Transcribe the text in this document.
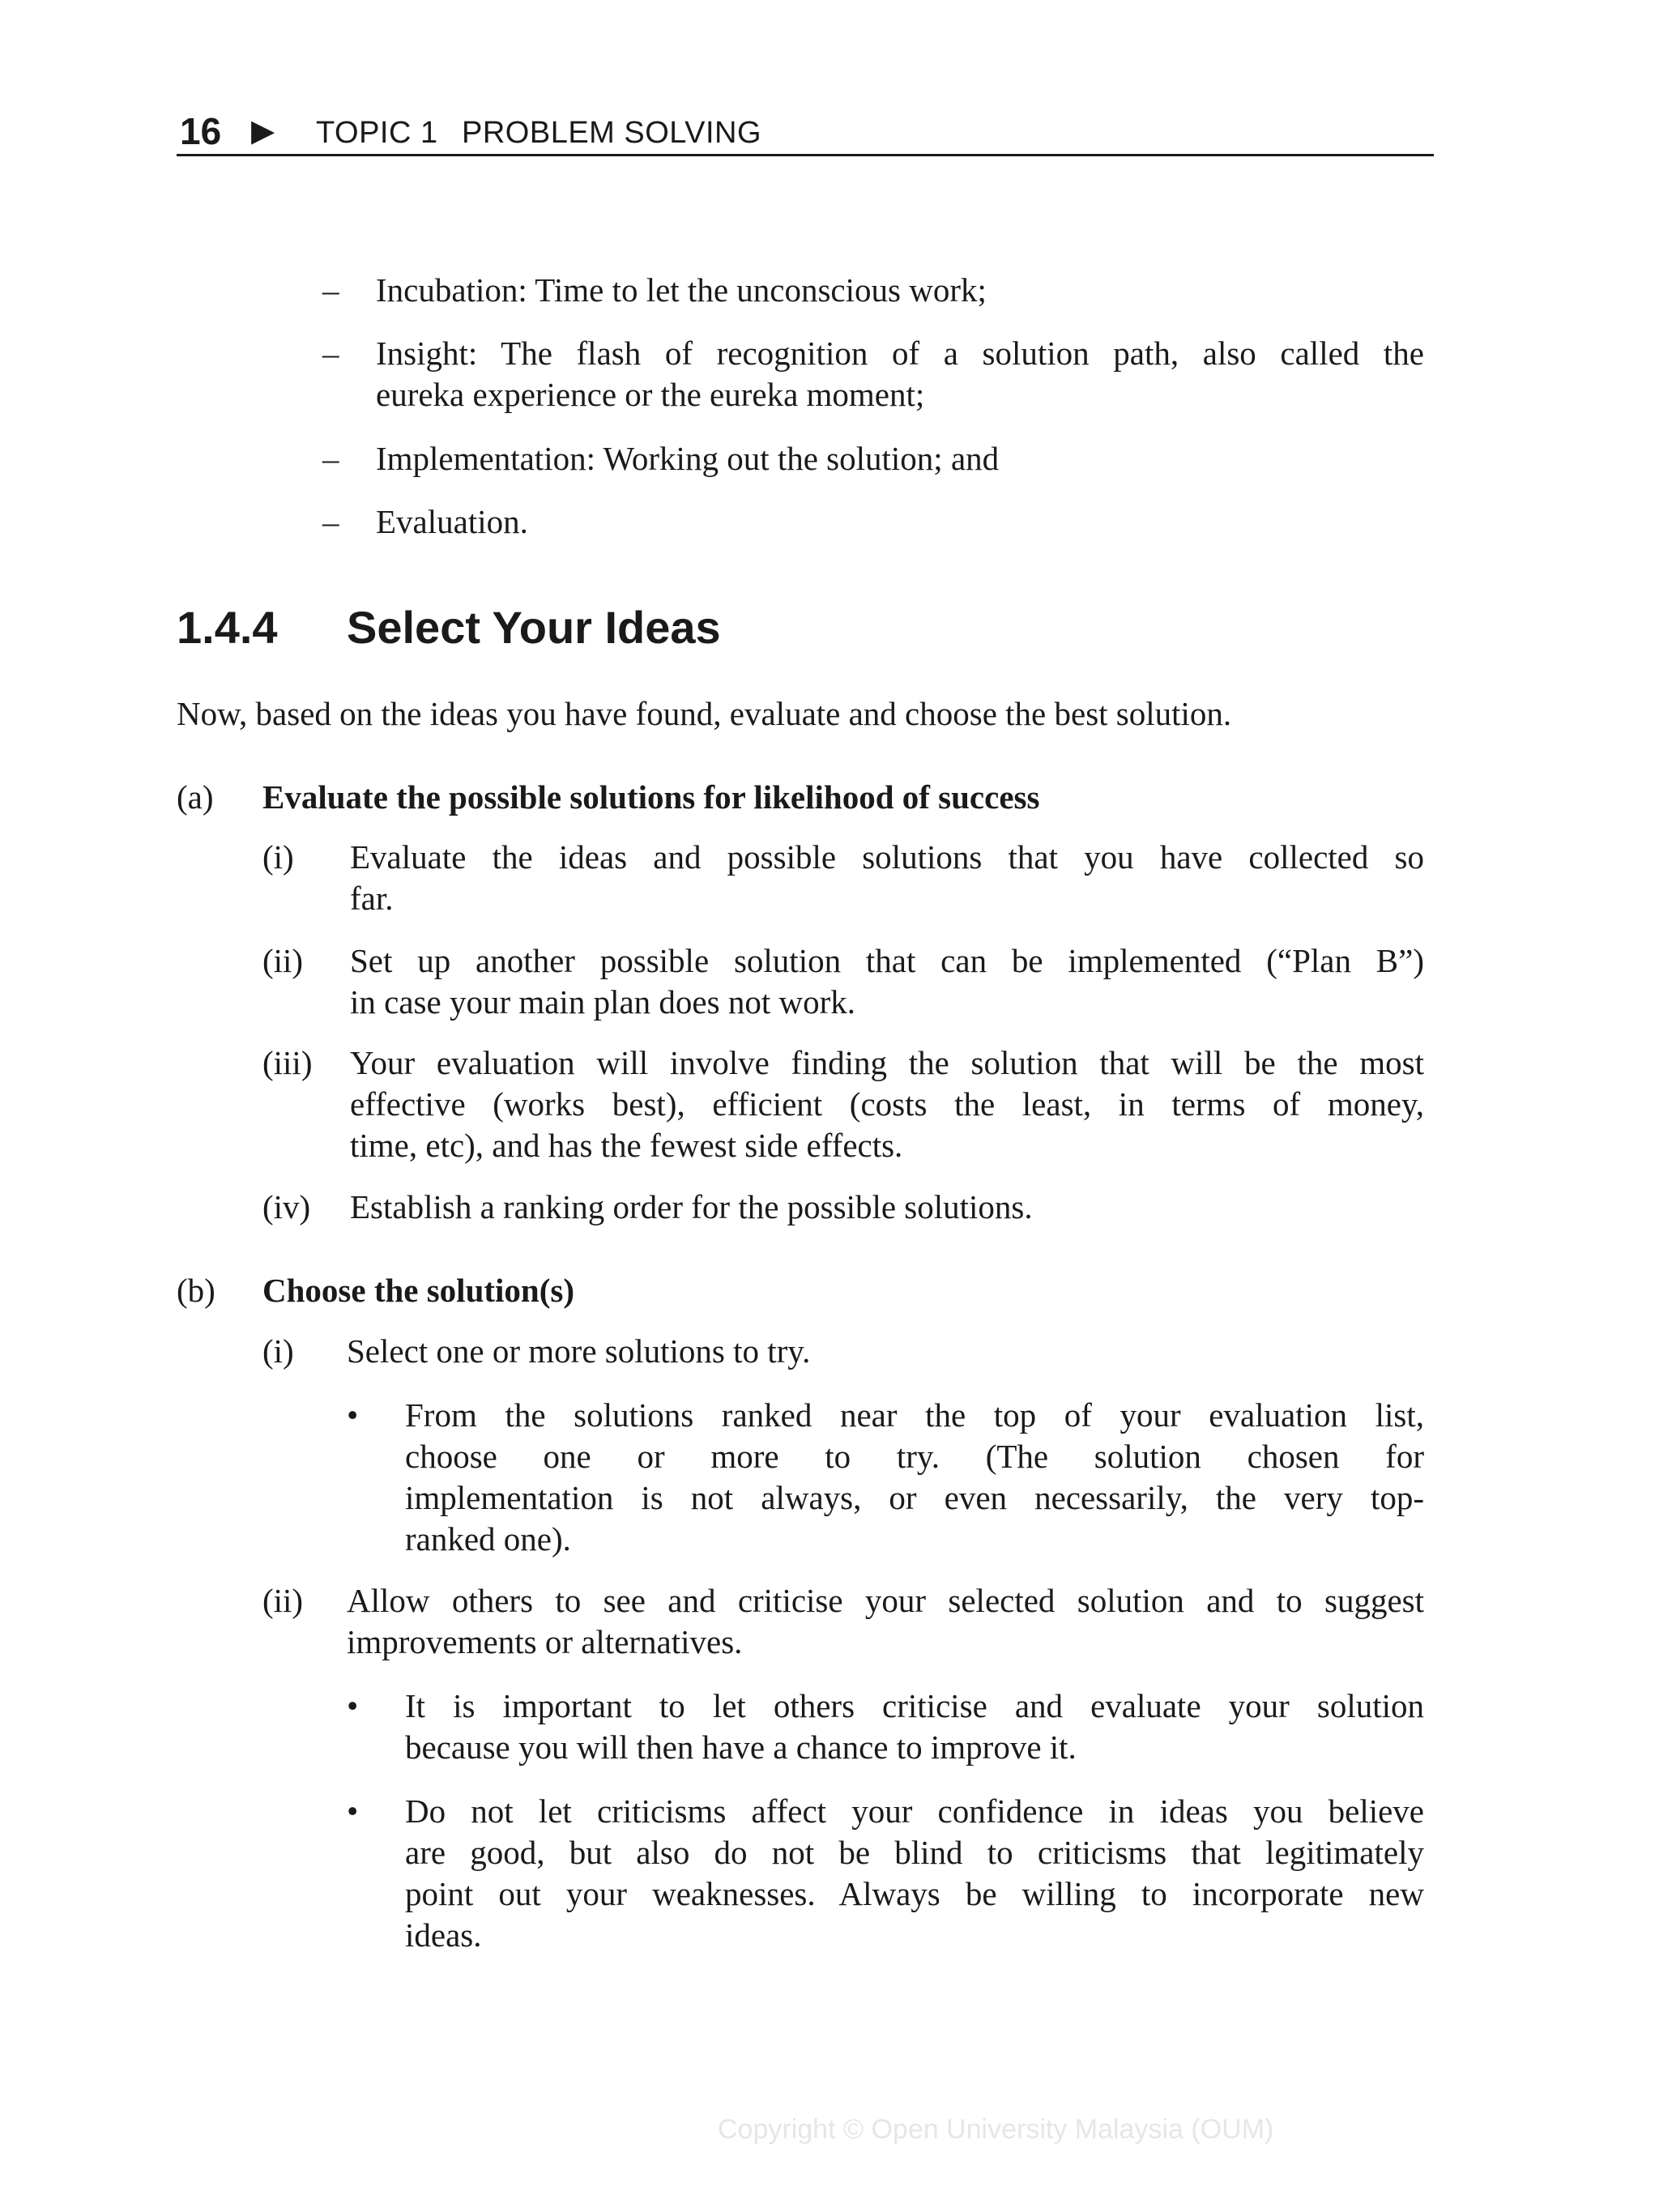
16 ▶ TOPIC 1 PROBLEM SOLVING
– Incubation: Time to let the unconscious work;
– Insight: The flash of recognition of a solution path, also called the
eureka experience or the eureka moment;
– Implementation: Working out the solution; and
– Evaluation.
1.4.4 Select Your Ideas
Now, based on the ideas you have found, evaluate and choose the best solution.
(a) Evaluate the possible solutions for likelihood of success
(i) Evaluate the ideas and possible solutions that you have collected so
far.
(ii) Set up another possible solution that can be implemented (“Plan B”)
in case your main plan does not work.
(iii) Your evaluation will involve finding the solution that will be the most
effective (works best), efficient (costs the least, in terms of money,
time, etc), and has the fewest side effects.
(iv) Establish a ranking order for the possible solutions.
(b) Choose the solution(s)
(i) Select one or more solutions to try.
• From the solutions ranked near the top of your evaluation list,
choose one or more to try. (The solution chosen for
implementation is not always, or even necessarily, the very top-
ranked one).
(ii) Allow others to see and criticise your selected solution and to suggest
improvements or alternatives.
• It is important to let others criticise and evaluate your solution
because you will then have a chance to improve it.
• Do not let criticisms affect your confidence in ideas you believe
are good, but also do not be blind to criticisms that legitimately
point out your weaknesses. Always be willing to incorporate new
ideas.
Copyright © Open University Malaysia (OUM)
